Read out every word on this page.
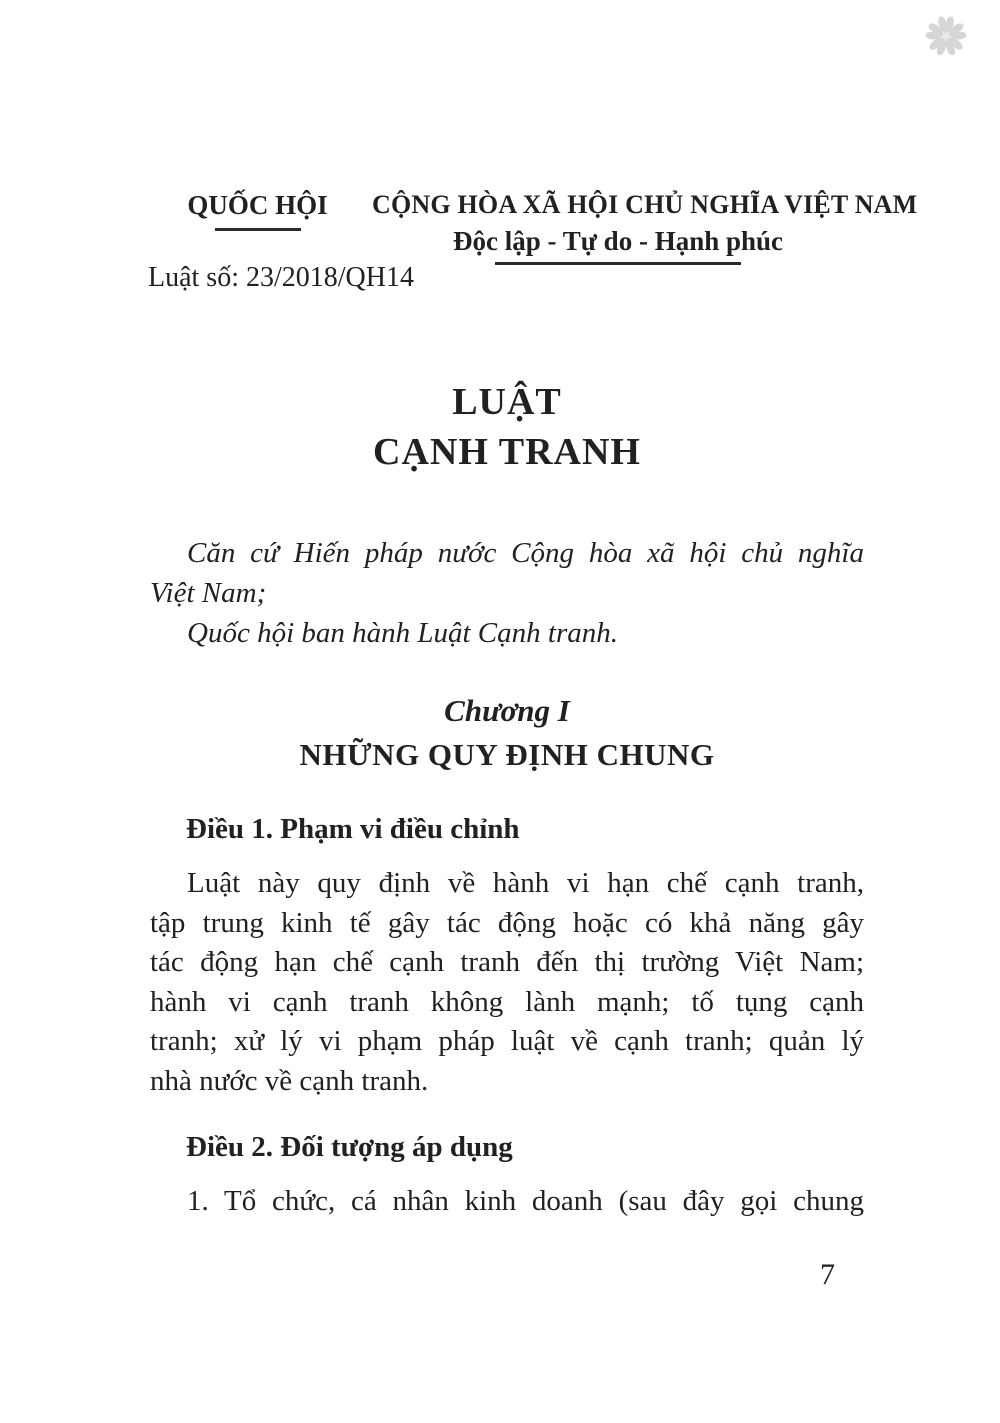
QUỐC HỘI	CỘNG HÒA XÃ HỘI CHỦ NGHĨA VIỆT NAM
Độc lập - Tự do - Hạnh phúc
Luật số: 23/2018/QH14
LUẬT
CẠNH TRANH
Căn cứ Hiến pháp nước Cộng hòa xã hội chủ nghĩa
Việt Nam;
Quốc hội ban hành Luật Cạnh tranh.
Chương I
NHỮNG QUY ĐỊNH CHUNG
Điều 1. Phạm vi điều chỉnh
Luật này quy định về hành vi hạn chế cạnh tranh,
tập trung kinh tế gây tác động hoặc có khả năng gây
tác động hạn chế cạnh tranh đến thị trường Việt Nam;
hành vi cạnh tranh không lành mạnh; tố tụng cạnh
tranh; xử lý vi phạm pháp luật về cạnh tranh; quản lý
nhà nước về cạnh tranh.
Điều 2. Đối tượng áp dụng
1. Tổ chức, cá nhân kinh doanh (sau đây gọi chung
7
